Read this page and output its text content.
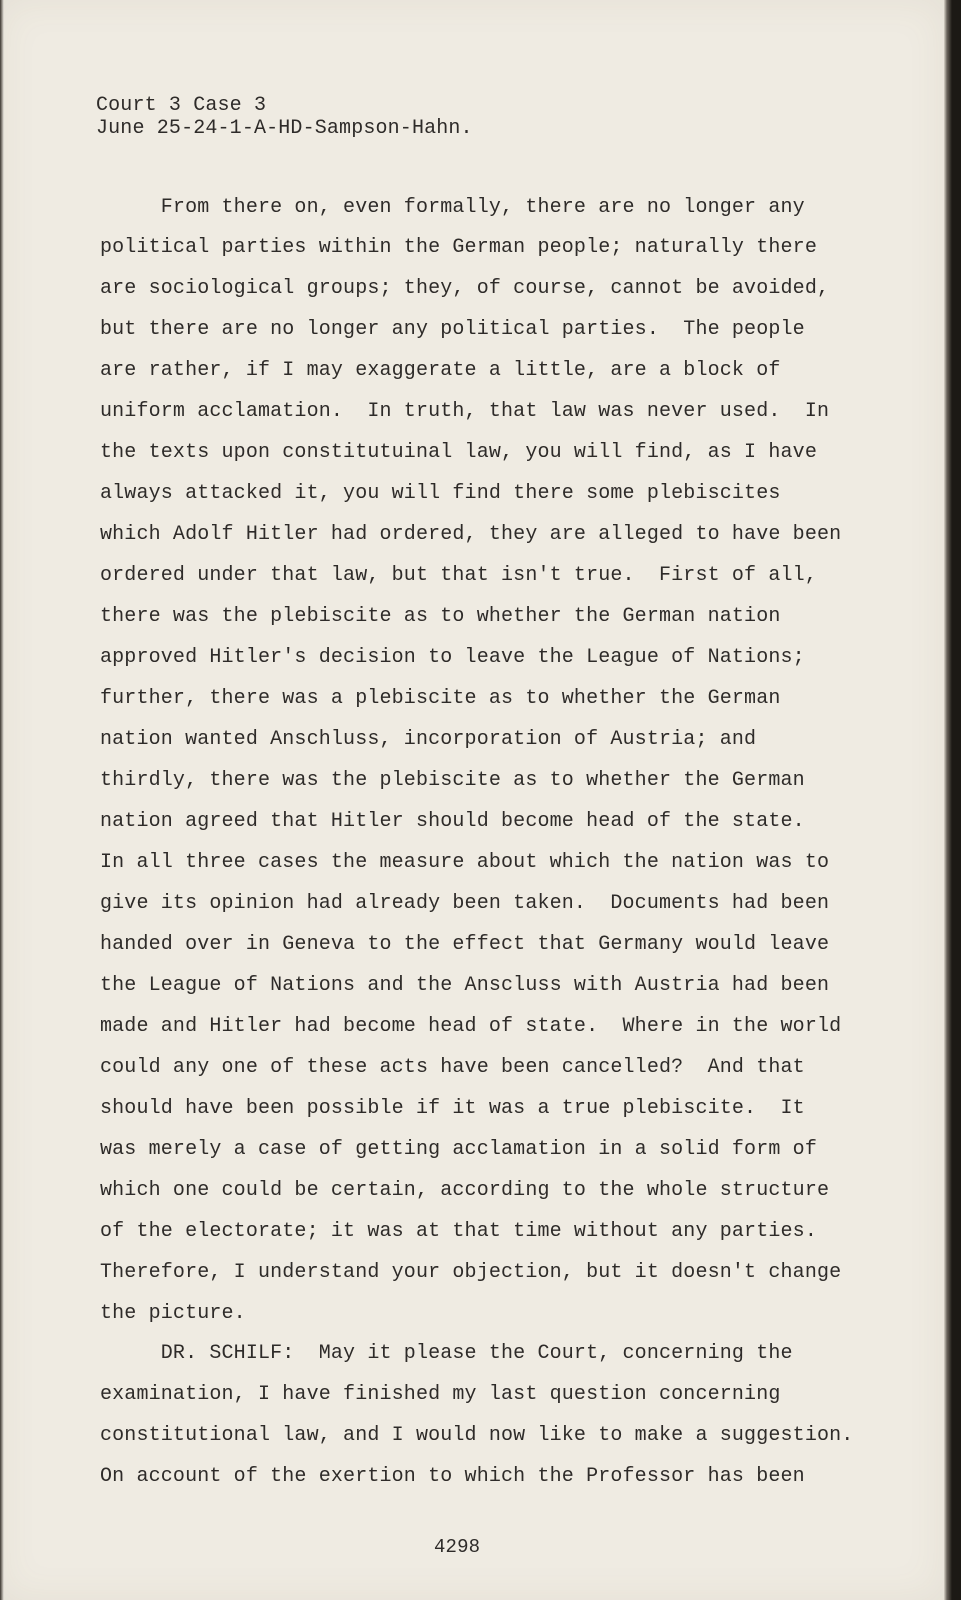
Court 3 Case 3
June 25-24-1-A-HD-Sampson-Hahn.
From there on, even formally, there are no longer any
political parties within the German people; naturally there
are sociological groups; they, of course, cannot be avoided,
but there are no longer any political parties.  The people
are rather, if I may exaggerate a little, are a block of
uniform acclamation.  In truth, that law was never used.  In
the texts upon constitutuinal law, you will find, as I have
always attacked it, you will find there some plebiscites
which Adolf Hitler had ordered, they are alleged to have been
ordered under that law, but that isn't true.  First of all,
there was the plebiscite as to whether the German nation
approved Hitler's decision to leave the League of Nations;
further, there was a plebiscite as to whether the German
nation wanted Anschluss, incorporation of Austria; and
thirdly, there was the plebiscite as to whether the German
nation agreed that Hitler should become head of the state.
In all three cases the measure about which the nation was to
give its opinion had already been taken.  Documents had been
handed over in Geneva to the effect that Germany would leave
the League of Nations and the Anscluss with Austria had been
made and Hitler had become head of state.  Where in the world
could any one of these acts have been cancelled?  And that
should have been possible if it was a true plebiscite.  It
was merely a case of getting acclamation in a solid form of
which one could be certain, according to the whole structure
of the electorate; it was at that time without any parties.
Therefore, I understand your objection, but it doesn't change
the picture.
DR. SCHILF:  May it please the Court, concerning the
examination, I have finished my last question concerning
constitutional law, and I would now like to make a suggestion.
On account of the exertion to which the Professor has been
4298
